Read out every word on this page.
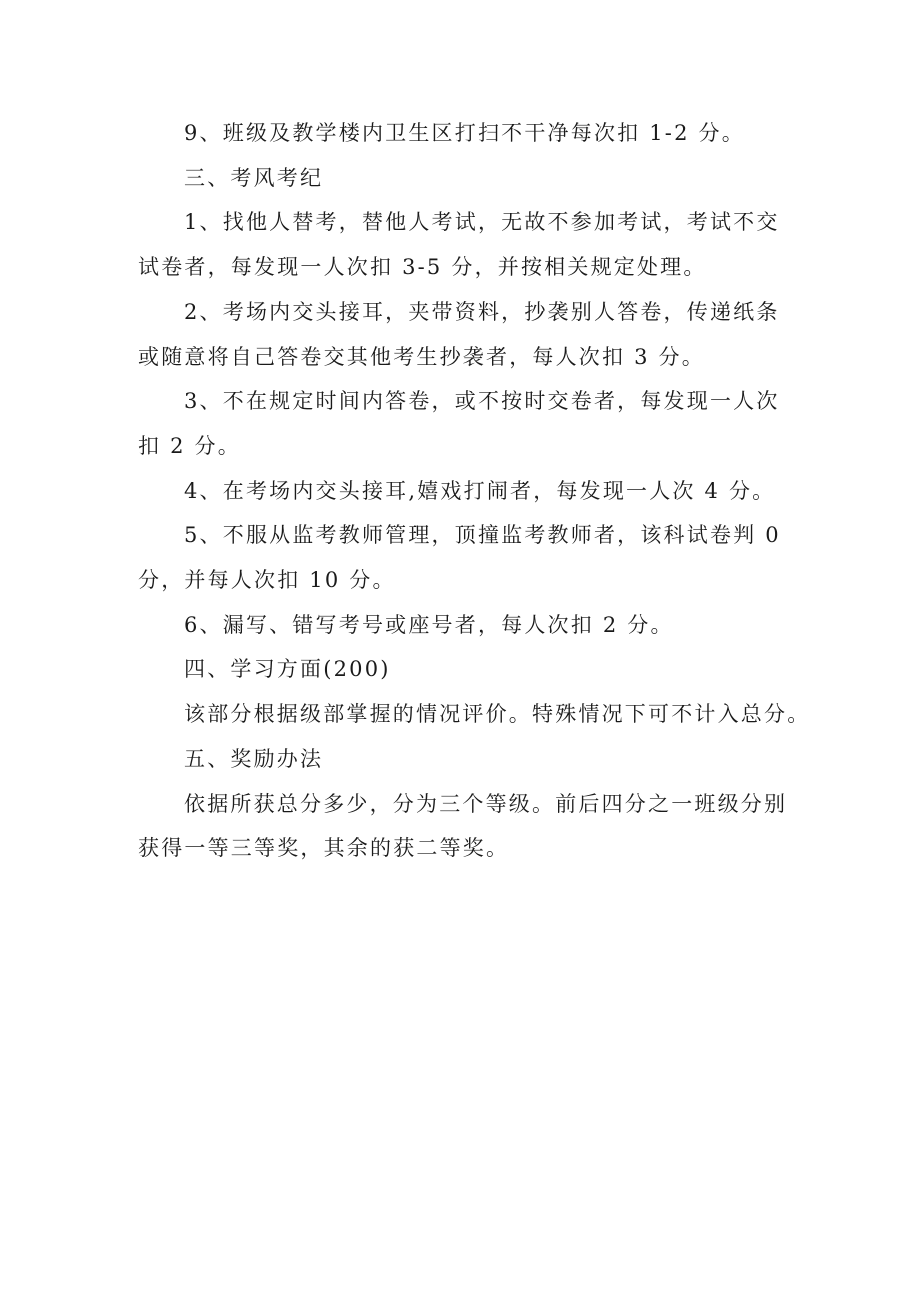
9、班级及教学楼内卫生区打扫不干净每次扣 1-2 分。

三、考风考纪

1、找他人替考，替他人考试，无故不参加考试，考试不交

试卷者，每发现一人次扣 3-5 分，并按相关规定处理。

2、考场内交头接耳，夹带资料，抄袭别人答卷，传递纸条

或随意将自己答卷交其他考生抄袭者，每人次扣 3 分。

3、不在规定时间内答卷，或不按时交卷者，每发现一人次

扣 2 分。

4、在考场内交头接耳,嬉戏打闹者，每发现一人次 4 分。

5、不服从监考教师管理，顶撞监考教师者，该科试卷判 0

分，并每人次扣 10 分。

6、漏写、错写考号或座号者，每人次扣 2 分。

四、学习方面(200)

该部分根据级部掌握的情况评价。特殊情况下可不计入总分。

五、奖励办法

依据所获总分多少，分为三个等级。前后四分之一班级分别

获得一等三等奖，其余的获二等奖。
